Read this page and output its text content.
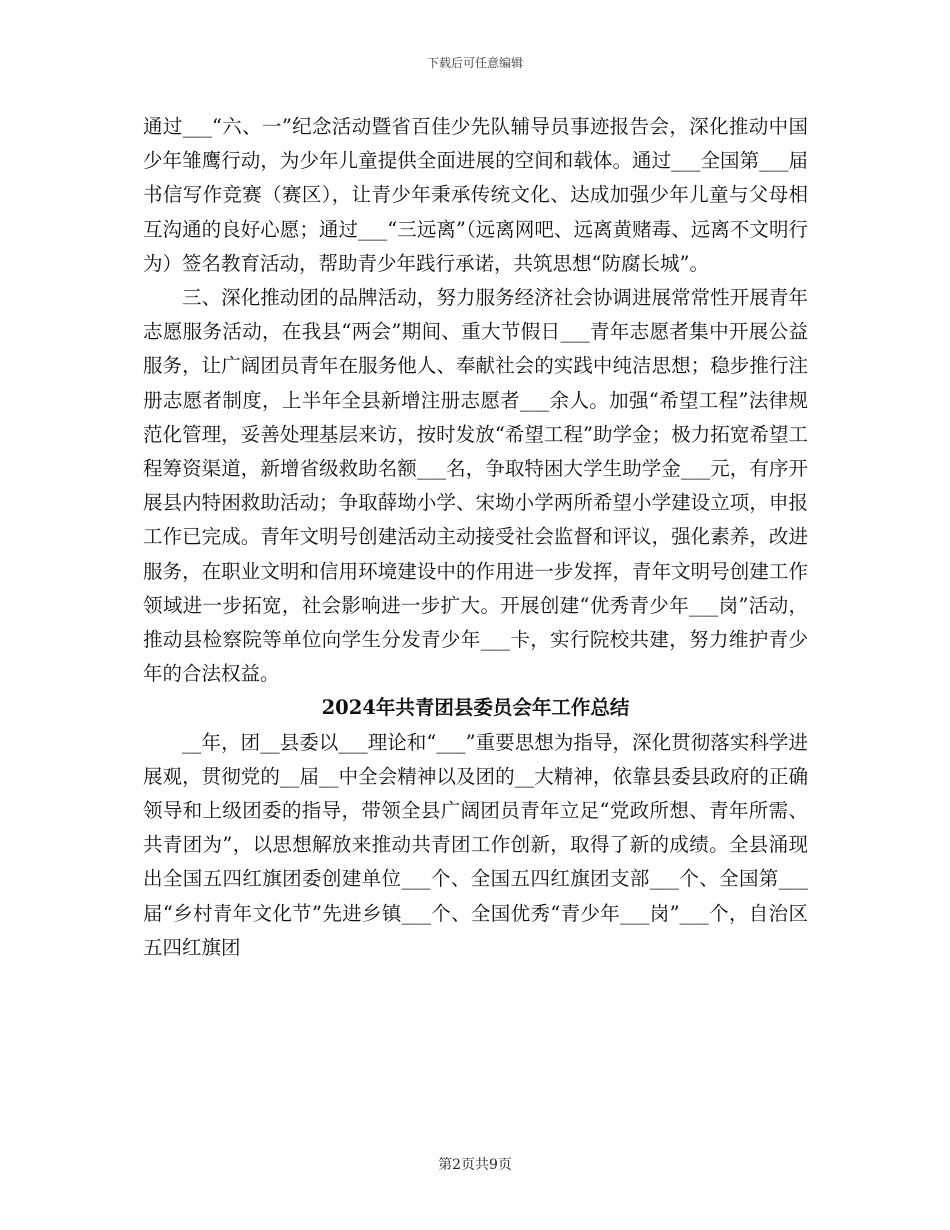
下载后可任意编辑

通过___“六、一”纪念活动暨省百佳少先队辅导员事迹报告会，深化推动中国少年雏鹰行动，为少年儿童提供全面进展的空间和载体。通过___全国第___届书信写作竞赛（赛区），让青少年秉承传统文化、达成加强少年儿童与父母相互沟通的良好心愿；通过___“三远离”（远离网吧、远离黄赌毒、远离不文明行为）签名教育活动，帮助青少年践行承诺，共筑思想“防腐长城”。

三、深化推动团的品牌活动，努力服务经济社会协调进展常常性开展青年志愿服务活动，在我县“两会”期间、重大节假日___青年志愿者集中开展公益服务，让广阔团员青年在服务他人、奉献社会的实践中纯洁思想；稳步推行注册志愿者制度，上半年全县新增注册志愿者___余人。加强“希望工程”法律规范化管理，妥善处理基层来访，按时发放“希望工程”助学金；极力拓宽希望工程筹资渠道，新增省级救助名额___名，争取特困大学生助学金___元，有序开展县内特困救助活动；争取薛坳小学、宋坳小学两所希望小学建设立项，申报工作已完成。青年文明号创建活动主动接受社会监督和评议，强化素养，改进服务，在职业文明和信用环境建设中的作用进一步发挥，青年文明号创建工作领域进一步拓宽，社会影响进一步扩大。开展创建“优秀青少年___岗”活动，推动县检察院等单位向学生分发青少年___卡，实行院校共建，努力维护青少年的合法权益。

2024年共青团县委员会年工作总结

__年，团__县委以___理论和“___”重要思想为指导，深化贯彻落实科学进展观，贯彻党的__届__中全会精神以及团的__大精神，依靠县委县政府的正确领导和上级团委的指导，带领全县广阔团员青年立足“党政所想、青年所需、共青团为”，以思想解放来推动共青团工作创新，取得了新的成绩。全县涌现出全国五四红旗团委创建单位___个、全国五四红旗团支部___个、全国第___届“乡村青年文化节”先进乡镇___个、全国优秀“青少年___岗”___个，自治区五四红旗团

第2页共9页
